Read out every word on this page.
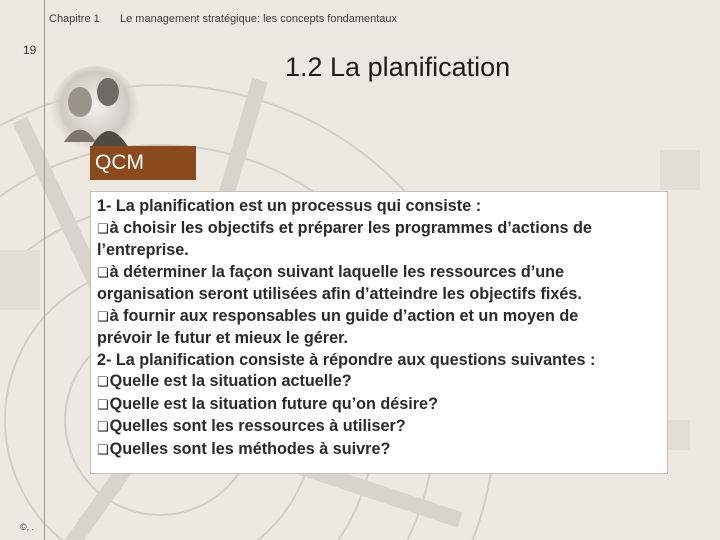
Chapitre 1 Le management stratégique: les concepts fondamentaux
19
1.2 La planification
QCM
1- La planification est un processus qui consiste :
❑à choisir les objectifs et préparer les programmes d’actions de
l’entreprise.
❑à déterminer la façon suivant laquelle les ressources d’une
organisation seront utilisées afin d’atteindre les objectifs fixés.
❑à fournir aux responsables un guide d’action et un moyen de
prévoir le futur et mieux le gérer.
2- La planification consiste à répondre aux questions suivantes :
❑Quelle est la situation actuelle?
❑Quelle est la situation future qu’on désire?
❑Quelles sont les ressources à utiliser?
❑Quelles sont les méthodes à suivre?
©, .
